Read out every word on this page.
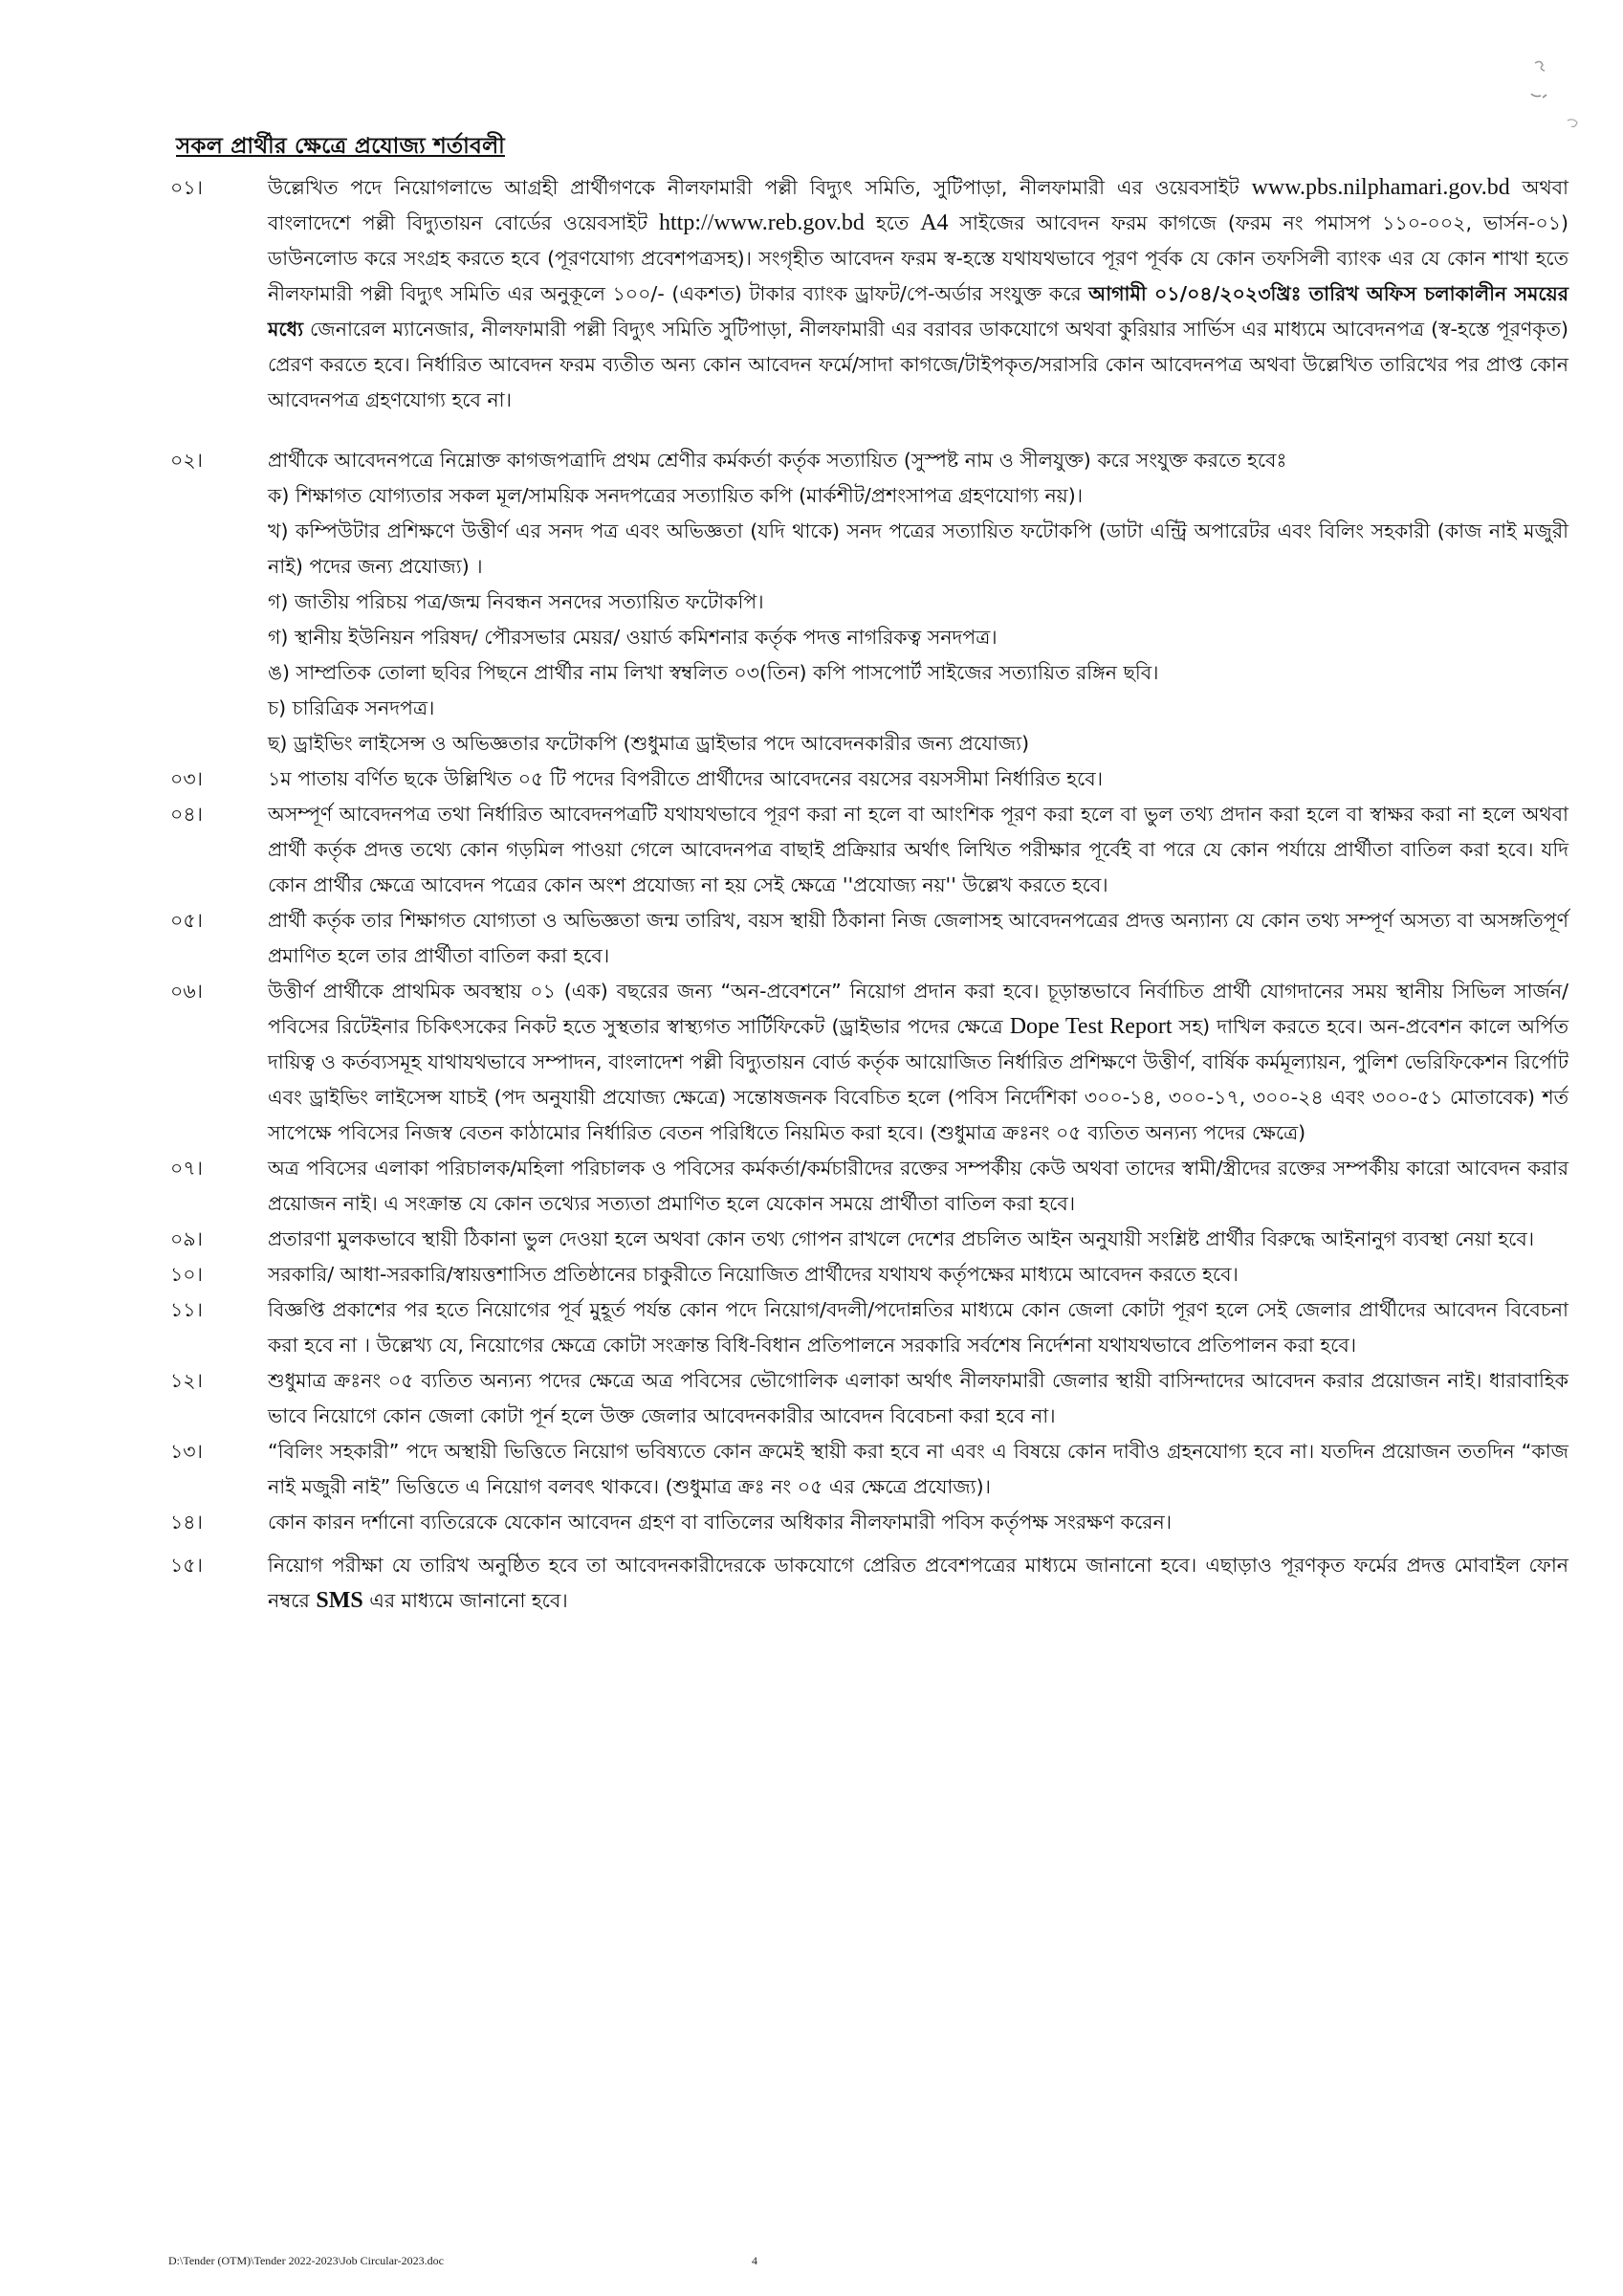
সকল প্রার্থীর ক্ষেত্রে প্রযোজ্য শর্তাবলী
০১।	উল্লেখিত পদে নিয়োগলাভে আগ্রহী প্রার্থীগণকে নীলফামারী পল্লী বিদ্যুৎ সমিতি, সুটিপাড়া, নীলফামারী এর ওয়েবসাইট www.pbs.nilphamari.gov.bd অথবা বাংলাদেশে পল্লী বিদ্যুতায়ন বোর্ডের ওয়েবসাইট http://www.reb.gov.bd হতে A4 সাইজের আবেদন ফরম কাগজে (ফরম নং পমাসপ ১১০-০০২, ভার্সন-০১) ডাউনলোড করে সংগ্রহ করতে হবে (পূরণযোগ্য প্রবেশপত্রসহ)। সংগৃহীত আবেদন ফরম স্ব-হস্তে যথাযথভাবে পূরণ পূর্বক যে কোন তফসিলী ব্যাংক এর যে কোন শাখা হতে নীলফামারী পল্লী বিদ্যুৎ সমিতি এর অনুকূলে ১০০/- (একশত) টাকার ব্যাংক ড্রাফট/পে-অর্ডার সংযুক্ত করে আগামী ০১/০৪/২০২৩খ্রিঃ তারিখ অফিস চলাকালীন সময়ের মধ্যে জেনারেল ম্যানেজার, নীলফামারী পল্লী বিদ্যুৎ সমিতি সুটিপাড়া, নীলফামারী এর বরাবর ডাকযোগে অথবা কুরিয়ার সার্ভিস এর মাধ্যমে আবেদনপত্র (স্ব-হস্তে পূরণকৃত) প্রেরণ করতে হবে। নির্ধারিত আবেদন ফরম ব্যতীত অন্য কোন আবেদন ফর্মে/সাদা কাগজে/টাইপকৃত/সরাসরি কোন আবেদনপত্র অথবা উল্লেখিত তারিখের পর প্রাপ্ত কোন আবেদনপত্র গ্রহণযোগ্য হবে না।

০২।	প্রার্থীকে আবেদনপত্রে নিম্নোক্ত কাগজপত্রাদি প্রথম শ্রেণীর কর্মকর্তা কর্তৃক সত্যায়িত (সুস্পষ্ট নাম ও সীলযুক্ত) করে সংযুক্ত করতে হবেঃ

ক) শিক্ষাগত যোগ্যতার সকল মূল/সাময়িক সনদপত্রের সত্যায়িত কপি (মার্কশীট/প্রশংসাপত্র গ্রহণযোগ্য নয়)।

খ) কম্পিউটার প্রশিক্ষণে উত্তীর্ণ এর সনদ পত্র এবং অভিজ্ঞতা (যদি থাকে) সনদ পত্রের সত্যায়িত ফটোকপি (ডাটা এন্ট্রি অপারেটর এবং বিলিং সহকারী (কাজ নাই মজুরী নাই) পদের জন্য প্রযোজ্য) ।

গ) জাতীয় পরিচয় পত্র/জন্ম নিবন্ধন সনদের সত্যায়িত ফটোকপি।

গ) স্থানীয় ইউনিয়ন পরিষদ/ পৌরসভার মেয়র/ ওয়ার্ড কমিশনার কর্তৃক পদত্ত নাগরিকত্ব সনদপত্র।

ঙ) সাম্প্রতিক তোলা ছবির পিছনে প্রার্থীর নাম লিখা স্বম্বলিত ০৩(তিন) কপি পাসপোর্ট সাইজের সত্যায়িত রঙ্গিন ছবি।

চ) চারিত্রিক সনদপত্র।

ছ) ড্রাইভিং লাইসেন্স ও অভিজ্ঞতার ফটোকপি (শুধুমাত্র ড্রাইভার পদে আবেদনকারীর জন্য প্রযোজ্য)

০৩।	১ম পাতায় বর্ণিত ছকে উল্লিখিত ০৫ টি পদের বিপরীতে প্রার্থীদের আবেদনের বয়সের বয়সসীমা নির্ধারিত হবে।

০৪।	অসম্পূর্ণ আবেদনপত্র তথা নির্ধারিত আবেদনপত্রটি যথাযথভাবে পূরণ করা না হলে বা আংশিক পূরণ করা হলে বা ভুল তথ্য প্রদান করা হলে বা স্বাক্ষর করা না হলে অথবা প্রার্থী কর্তৃক প্রদত্ত তথ্যে কোন গড়মিল পাওয়া গেলে আবেদনপত্র বাছাই প্রক্রিয়ার অর্থাৎ লিখিত পরীক্ষার পূর্বেই বা পরে যে কোন পর্যায়ে প্রার্থীতা বাতিল করা হবে। যদি কোন প্রার্থীর ক্ষেত্রে আবেদন পত্রের কোন অংশ প্রযোজ্য না হয় সেই ক্ষেত্রে ''প্রযোজ্য নয়'' উল্লেখ করতে হবে।

০৫।	প্রার্থী কর্তৃক তার শিক্ষাগত যোগ্যতা ও অভিজ্ঞতা জন্ম তারিখ, বয়স স্থায়ী ঠিকানা নিজ জেলাসহ আবেদনপত্রের প্রদত্ত অন্যান্য যে কোন তথ্য সম্পূর্ণ অসত্য বা অসঙ্গতিপূর্ণ প্রমাণিত হলে তার প্রার্থীতা বাতিল করা হবে।

০৬।	উত্তীর্ণ প্রার্থীকে প্রাথমিক অবস্থায় ০১ (এক) বছরের জন্য “অন-প্রবেশনে” নিয়োগ প্রদান করা হবে। চূড়ান্তভাবে নির্বাচিত প্রার্থী যোগদানের সময় স্থানীয় সিভিল সার্জন/পবিসের রিটেইনার চিকিৎসকের নিকট হতে সুস্থতার স্বাস্থ্যগত সার্টিফিকেট (ড্রাইভার পদের ক্ষেত্রে Dope Test Report সহ) দাখিল করতে হবে। অন-প্রবেশন কালে অর্পিত দায়িত্ব ও কর্তব্যসমূহ যাথাযথভাবে সম্পাদন, বাংলাদেশ পল্লী বিদ্যুতায়ন বোর্ড কর্তৃক আয়োজিত নির্ধারিত প্রশিক্ষণে উত্তীর্ণ, বার্ষিক কর্মমূল্যায়ন, পুলিশ ভেরিফিকেশন রির্পোট এবং ড্রাইভিং লাইসেন্স যাচই (পদ অনুযায়ী প্রযোজ্য ক্ষেত্রে) সন্তোষজনক বিবেচিত হলে (পবিস নির্দেশিকা ৩০০-১৪, ৩০০-১৭, ৩০০-২৪ এবং ৩০০-৫১ মোতাবেক) শর্ত সাপেক্ষে পবিসের নিজস্ব বেতন কাঠামোর নির্ধারিত বেতন পরিধিতে নিয়মিত করা হবে। (শুধুমাত্র ক্রঃনং ০৫ ব্যতিত অন্যন্য পদের ক্ষেত্রে)

০৭।	অত্র পবিসের এলাকা পরিচালক/মহিলা পরিচালক ও পবিসের কর্মকর্তা/কর্মচারীদের রক্তের সম্পর্কীয় কেউ অথবা তাদের স্বামী/স্ত্রীদের রক্তের সম্পর্কীয় কারো আবেদন করার প্রয়োজন নাই। এ সংক্রান্ত যে কোন তথ্যের সত্যতা প্রমাণিত হলে যেকোন সময়ে প্রার্থীতা বাতিল করা হবে।

০৯।	প্রতারণা মুলকভাবে স্থায়ী ঠিকানা ভুল দেওয়া হলে অথবা কোন তথ্য গোপন রাখলে দেশের প্রচলিত আইন অনুযায়ী সংশ্লিষ্ট প্রার্থীর বিরুদ্ধে আইনানুগ ব্যবস্থা নেয়া হবে।

১০।	সরকারি/ আধা-সরকারি/স্বায়ত্তশাসিত প্রতিষ্ঠানের চাকুরীতে নিয়োজিত প্রার্থীদের যথাযথ কর্তৃপক্ষের মাধ্যমে আবেদন করতে হবে।

১১।	বিজ্ঞপ্তি প্রকাশের পর হতে নিয়োগের পূর্ব মুহূর্ত পর্যন্ত কোন পদে নিয়োগ/বদলী/পদোন্নতির মাধ্যমে কোন জেলা কোটা পূরণ হলে সেই জেলার প্রার্থীদের আবেদন বিবেচনা করা হবে না । উল্লেখ্য যে, নিয়োগের ক্ষেত্রে কোটা সংক্রান্ত বিধি-বিধান প্রতিপালনে সরকারি সর্বশেষ নির্দেশনা যথাযথভাবে প্রতিপালন করা হবে।

১২।	শুধুমাত্র ক্রঃনং ০৫ ব্যতিত অন্যন্য পদের ক্ষেত্রে অত্র পবিসের ভৌগোলিক এলাকা অর্থাৎ নীলফামারী জেলার স্থায়ী বাসিন্দাদের আবেদন করার প্রয়োজন নাই। ধারাবাহিক ভাবে নিয়োগে কোন জেলা কোটা পূর্ন হলে উক্ত জেলার আবেদনকারীর আবেদন বিবেচনা করা হবে না।

১৩।	“বিলিং সহকারী” পদে অস্থায়ী ভিত্তিতে নিয়োগ ভবিষ্যতে কোন ক্রমেই স্থায়ী করা হবে না এবং এ বিষয়ে কোন দাবীও গ্রহনযোগ্য হবে না। যতদিন প্রয়োজন ততদিন “কাজ নাই মজুরী নাই” ভিত্তিতে এ নিয়োগ বলবৎ থাকবে। (শুধুমাত্র ক্রঃ নং ০৫ এর ক্ষেত্রে প্রযোজ্য)।

১৪।	কোন কারন দর্শানো ব্যতিরেকে যেকোন আবেদন গ্রহণ বা বাতিলের অধিকার নীলফামারী পবিস কর্তৃপক্ষ সংরক্ষণ করেন।

১৫।	নিয়োগ পরীক্ষা যে তারিখ অনুষ্ঠিত হবে তা আবেদনকারীদেরকে ডাকযোগে প্রেরিত প্রবেশপত্রের মাধ্যমে জানানো হবে। এছাড়াও পূরণকৃত ফর্মের প্রদত্ত মোবাইল ফোন নম্বরে SMS এর মাধ্যমে জানানো হবে।

D:\Tender (OTM)\Tender 2022-2023\Job Circular-2023.doc	4
